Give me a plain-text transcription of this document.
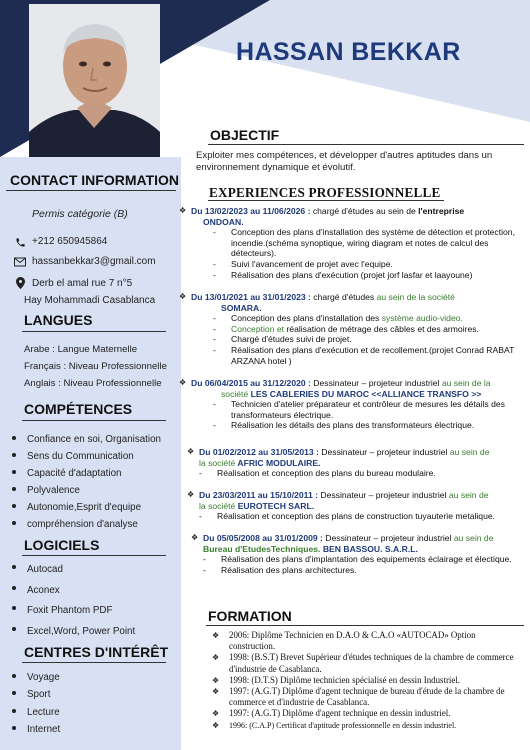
HASSAN BEKKAR
CONTACT INFORMATION
Permis catégorie (B)
+212 650945864
hassanbekkar3@gmail.com
Derb el amal rue 7 n°5
Hay Mohammadi Casablanca
LANGUES
Arabe : Langue Maternelle
Français : Niveau Professionnelle
Anglais : Niveau Professionnelle
COMPÉTENCES
Confiance en soi, Organisation
Sens du Communication
Capacité d'adaptation
Polyvalence
Autonomie,Esprit d'equipe
compréhension d'analyse
LOGICIELS
Autocad
Aconex
Foxit Phantom PDF
Excel,Word, Power Point
CENTRES D'INTÉRÊT
Voyage
Sport
Lecture
Internet
OBJECTIF
Exploiter mes compétences, et développer d'autres aptitudes dans un environnement dynamique et évolutif.
EXPERIENCES PROFESSIONNELLE
❖ Du 13/02/2023 au 11/06/2026 : chargé d'études au sein de l'entreprise
ONDOAN.
- Conception des plans d'installation des système de détection et protection, incendie.(schéma synoptique, wiring diagram et notes de calcul des détecteurs).
- Suivi l'avancement de projet avec l'equipe.
- Réalisation des plans d'exécution (projet jorf lasfar et laayoune)
❖ Du 13/01/2021 au 31/01/2023 : chargé d'études au sein de la société
SOMARA.
- Conception des plans d'installation des système audio-video.
- Conception et réalisation de métrage des câbles et des armoires.
- Chargé d'études suivi de projet.
- Réalisation des plans d'exécution et de recollement.(projet Conrad RABAT ARZANA hotel )
❖ Du 06/04/2015 au 31/12/2020 : Dessinateur – projeteur industriel au sein de la
société LES CABLERIES DU MAROC <<ALLIANCE TRANSFO >>
- Technicien d'atelier préparateur et contrôleur de mesures les détails des transformateurs électrique.
- Réalisation les détails des plans des transformateurs électrique.
❖ Du 01/02/2012 au 31/05/2013 : Dessinateur – projeteur industriel au sein de
la société AFRIC MODULAIRE.
- Réalisation et conception des plans du bureau modulaire.
❖ Du 23/03/2011 au 15/10/2011 : Dessinateur – projeteur industriel au sein de
la société EUROTECH SARL.
- Réalisation et conception des plans de construction tuyauterie metalique.
❖ Du 05/05/2008 au 31/01/2009 : Dessinateur – projeteur industriel au sein de
Bureau d'EtudesTechniques. BEN BASSOU. S.A.R.L.
- Réalisation des plans d'implantation des equipements éclairage et électique.
- Réalisation des plans architectures.
FORMATION
❖ 2006: Diplôme Technicien en D.A.O & C.A.O «AUTOCAD» Option construction.
❖ 1998: (B.S.T) Brevet Supérieur d'études techniques de la chambre de commerce d'industrie de Casablanca.
❖ 1998: (D.T.S) Diplôme technicien spécialisé en dessin Industriel.
❖ 1997: (A.G.T) Diplôme d'agent technique de bureau d'étude de la chambre de commerce et d'industrie de Casablanca.
❖ 1997: (A.G.T) Diplôme d'agent technique en dessin industriel.
❖ 1996: (C.A.P) Certificat d'aptitude professionnelle en dessin industriel.
